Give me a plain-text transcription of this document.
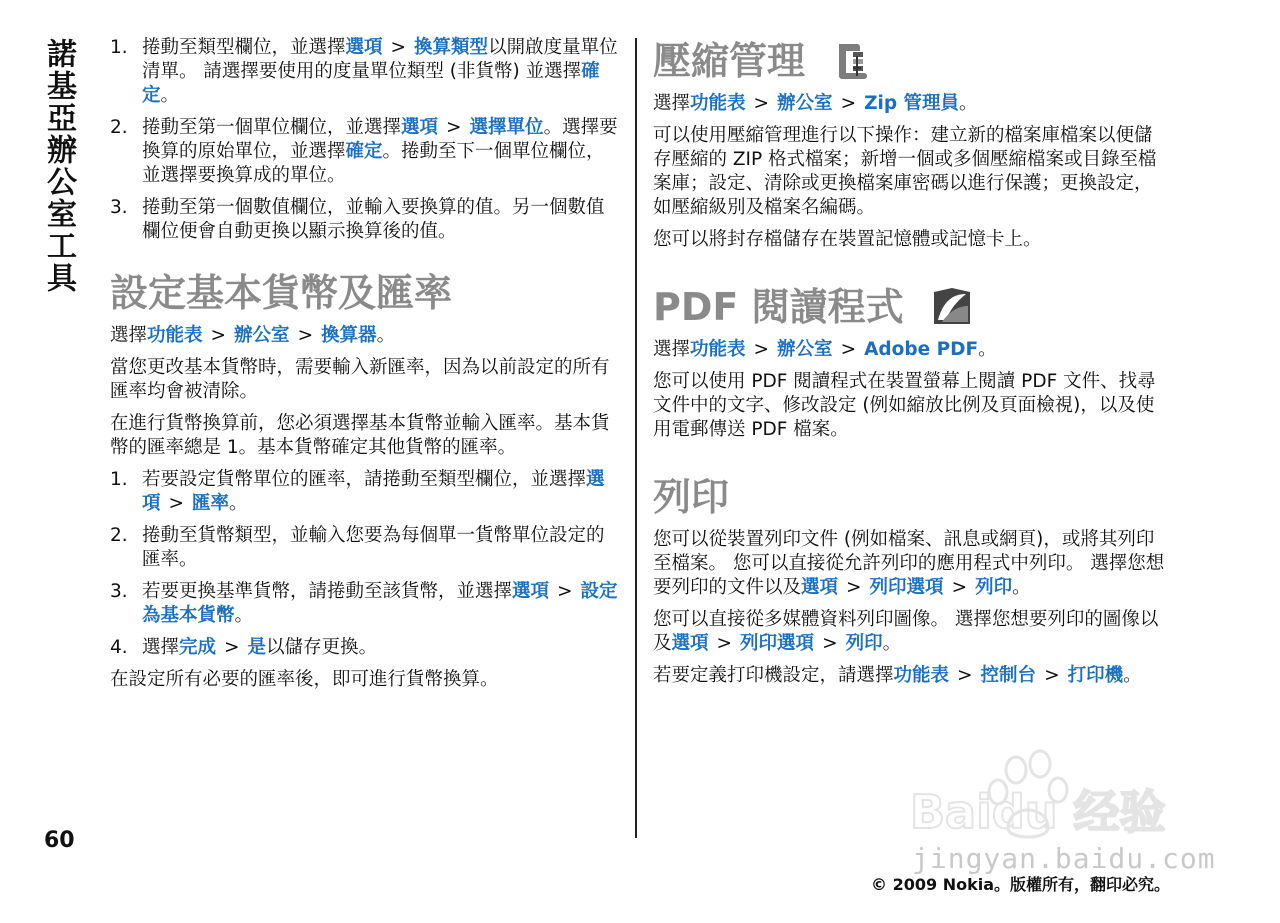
諾基亞辦公室工具 1. 捲動至類型欄位，並選擇選項 > 換算類型以開啟度量單位清單。 請選擇要使用的度量單位類型 (非貨幣) 並選擇確定。
2. 捲動至第一個單位欄位，並選擇選項 > 選擇單位。選擇要換算的原始單位，並選擇確定。捲動至下一個單位欄位，並選擇要換算成的單位。
3. 捲動至第一個數值欄位，並輸入要換算的值。另一個數值欄位便會自動更換以顯示換算後的值。
設定基本貨幣及匯率

選擇功能表 > 辦公室 > 換算器。

當您更改基本貨幣時，需要輸入新匯率，因為以前設定的所有匯率均會被清除。

在進行貨幣換算前，您必須選擇基本貨幣並輸入匯率。基本貨幣的匯率總是 1。基本貨幣確定其他貨幣的匯率。

1. 若要設定貨幣單位的匯率，請捲動至類型欄位，並選擇選項 > 匯率。
2. 捲動至貨幣類型，並輸入您要為每個單一貨幣單位設定的匯率。
3. 若要更換基準貨幣，請捲動至該貨幣，並選擇選項 > 設定為基本貨幣。
4. 選擇完成 > 是以儲存更換。

在設定所有必要的匯率後，即可進行貨幣換算。

壓縮管理

選擇功能表 > 辦公室 > Zip 管理員。

可以使用壓縮管理進行以下操作：建立新的檔案庫檔案以便儲存壓縮的 ZIP 格式檔案；新增一個或多個壓縮檔案或目錄至檔案庫；設定、清除或更換檔案庫密碼以進行保護；更換設定，如壓縮級別及檔案名編碼。

您可以將封存檔儲存在裝置記憶體或記憶卡上。

PDF 閱讀程式

選擇功能表 > 辦公室 > Adobe PDF。

您可以使用 PDF 閱讀程式在裝置螢幕上閱讀 PDF 文件、找尋文件中的文字、修改設定 (例如縮放比例及頁面檢視)，以及使用電郵傳送 PDF 檔案。

列印

您可以從裝置列印文件 (例如檔案、訊息或網頁)，或將其列印至檔案。 您可以直接從允許列印的應用程式中列印。 選擇您想要列印的文件以及選項 > 列印選項 > 列印。

您可以直接從多媒體資料列印圖像。 選擇您想要列印的圖像以及選項 > 列印選項 > 列印。

若要定義打印機設定，請選擇功能表 > 控制台 > 打印機。

60
Baidu 经验
jingyan.baidu.com
© 2009 Nokia。版權所有，翻印必究。
